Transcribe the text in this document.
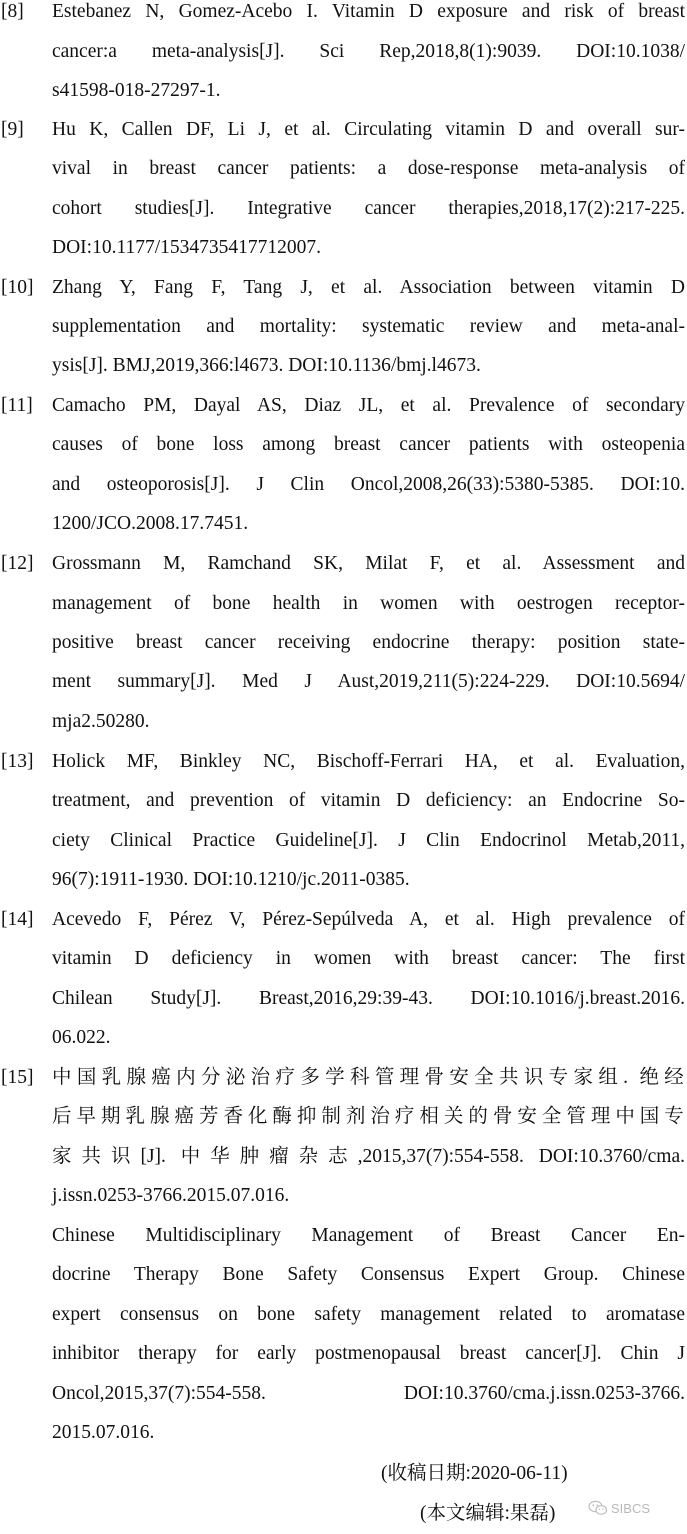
[8] Estebanez N, Gomez-Acebo I. Vitamin D exposure and risk of breast
cancer:a meta-analysis[J]. Sci Rep,2018,8(1):9039. DOI:10.1038/
s41598-018-27297-1.
[9] Hu K, Callen DF, Li J, et al. Circulating vitamin D and overall sur-
vival in breast cancer patients: a dose-response meta-analysis of
cohort studies[J]. Integrative cancer therapies,2018,17(2):217-225.
DOI:10.1177/1534735417712007.
[10] Zhang Y, Fang F, Tang J, et al. Association between vitamin D
supplementation and mortality: systematic review and meta-anal-
ysis[J]. BMJ,2019,366:l4673. DOI:10.1136/bmj.l4673.
[11] Camacho PM, Dayal AS, Diaz JL, et al. Prevalence of secondary
causes of bone loss among breast cancer patients with osteopenia
and osteoporosis[J]. J Clin Oncol,2008,26(33):5380-5385. DOI:10.
1200/JCO.2008.17.7451.
[12] Grossmann M, Ramchand SK, Milat F, et al. Assessment and
management of bone health in women with oestrogen receptor-
positive breast cancer receiving endocrine therapy: position state-
ment summary[J]. Med J Aust,2019,211(5):224-229. DOI:10.5694/
mja2.50280.
[13] Holick MF, Binkley NC, Bischoff-Ferrari HA, et al. Evaluation,
treatment, and prevention of vitamin D deficiency: an Endocrine So-
ciety Clinical Practice Guideline[J]. J Clin Endocrinol Metab,2011,
96(7):1911-1930. DOI:10.1210/jc.2011-0385.
[14] Acevedo F, Pérez V, Pérez-Sepúlveda A, et al. High prevalence of
vitamin D deficiency in women with breast cancer: The first
Chilean Study[J]. Breast,2016,29:39-43. DOI:10.1016/j.breast.2016.
06.022.
[15] 中国乳腺癌内分泌治疗多学科管理骨安全共识专家组. 绝经
后早期乳腺癌芳香化酶抑制剂治疗相关的骨安全管理中国专
家共识[J]. 中华肿瘤杂志,2015,37(7):554-558. DOI:10.3760/cma.
j.issn.0253-3766.2015.07.016.
Chinese Multidisciplinary Management of Breast Cancer En-
docrine Therapy Bone Safety Consensus Expert Group. Chinese
expert consensus on bone safety management related to aromatase
inhibitor therapy for early postmenopausal breast cancer[J]. Chin J
Oncol,2015,37(7):554-558. DOI:10.3760/cma.j.issn.0253-3766.
2015.07.016.
(收稿日期:2020-06-11)
(本文编辑:果磊)	SIBCS
